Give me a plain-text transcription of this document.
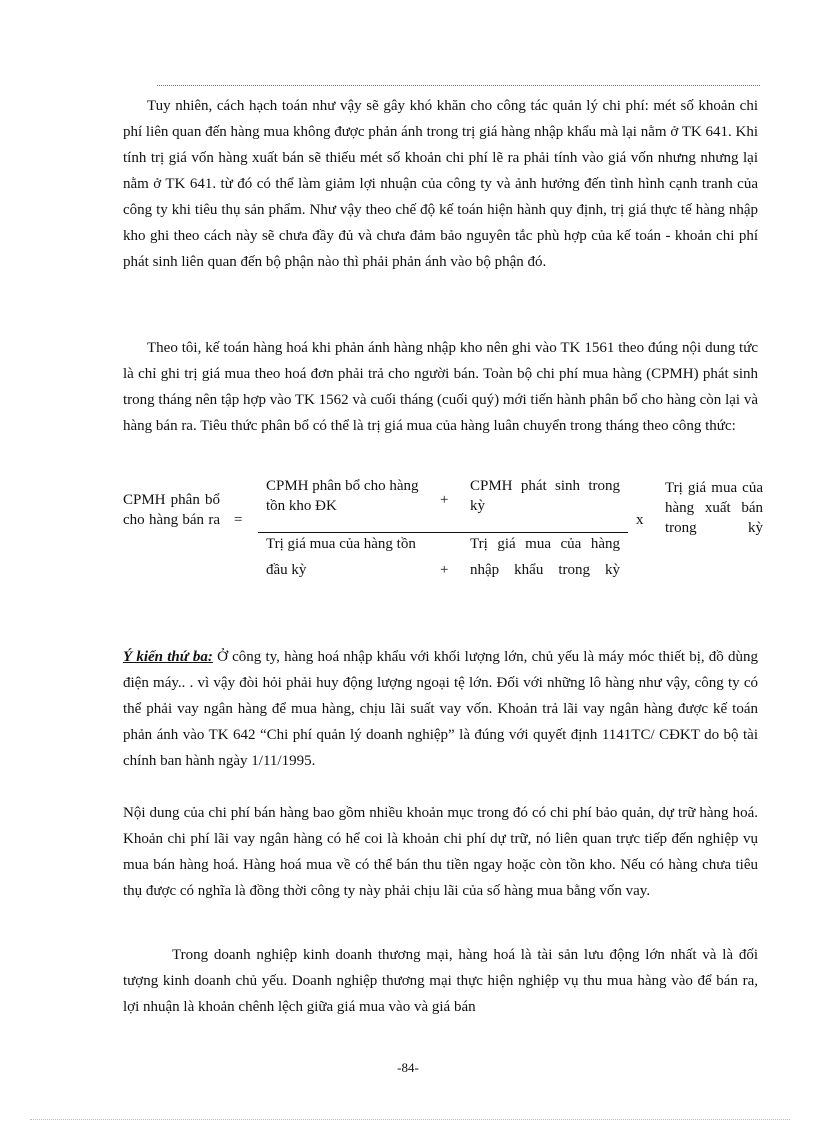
Tuy nhiên, cách hạch toán như vậy sẽ gây khó khăn cho công tác quản lý chi phí: mét số khoản chi phí liên quan đến hàng mua không được phản ánh trong trị giá hàng nhập khẩu mà lại nằm ở TK 641. Khi tính trị giá vốn hàng xuất bán sẽ thiếu mét số khoản chi phí lẽ ra phải tính vào giá vốn nhưng nhưng lại nằm ở TK 641. từ đó có thể làm giảm lợi nhuận của công ty và ảnh hưởng đến tình hình cạnh tranh của công ty khi tiêu thụ sản phẩm. Như vậy theo chế độ kế toán hiện hành quy định, trị giá thực tế hàng nhập kho ghi theo cách này sẽ chưa đầy đủ và chưa đảm bảo nguyên tắc phù hợp của kế toán - khoản chi phí phát sinh liên quan đến bộ phận nào thì phải phản ánh vào bộ phận đó.

Theo tôi, kế toán hàng hoá khi phản ánh hàng nhập kho nên ghi vào TK 1561 theo đúng nội dung tức là chỉ ghi trị giá mua theo hoá đơn phải trả cho người bán. Toàn bộ chi phí mua hàng (CPMH) phát sinh trong tháng nên tập hợp vào TK 1562 và cuối tháng (cuối quý) mới tiến hành phân bổ cho hàng còn lại và hàng bán ra. Tiêu thức phân bổ có thể là trị giá mua của hàng luân chuyển trong tháng theo công thức:

CPMH phân bổ cho hàng bán ra =

CPMH phân bổ cho hàng tồn kho ĐK	+

CPMH phát sinh trong kỳ

Trị giá mua của hàng tồn đầu kỳ	+

Trị giá mua của hàng nhập khẩu trong kỳ

x

Trị giá mua của hàng xuất bán trong kỳ

Ý kiến thứ ba: Ở công ty, hàng hoá nhập khẩu với khối lượng lớn, chủ yếu là máy móc thiết bị, đồ dùng điện máy.. . vì vậy đòi hỏi phải huy động lượng ngoại tệ lớn. Đối với những lô hàng như vậy, công ty có thể phải vay ngân hàng để mua hàng, chịu lãi suất vay vốn. Khoản trả lãi vay ngân hàng được kế toán phản ánh vào TK 642 “Chi phí quản lý doanh nghiệp” là đúng với quyết định 1141TC/ CĐKT do bộ tài chính ban hành ngày 1/11/1995.

Nội dung của chi phí bán hàng bao gồm nhiều khoản mục trong đó có chi phí bảo quản, dự trữ hàng hoá. Khoản chi phí lãi vay ngân hàng có hể coi là khoản chi phí dự trữ, nó liên quan trực tiếp đến nghiệp vụ mua bán hàng hoá. Hàng hoá mua về có thể bán thu tiền ngay hoặc còn tồn kho. Nếu có hàng chưa tiêu thụ được có nghĩa là đồng thời công ty này phải chịu lãi của số hàng mua bằng vốn vay.

Trong doanh nghiệp kinh doanh thương mại, hàng hoá là tài sản lưu động lớn nhất và là đối tượng kinh doanh chủ yếu. Doanh nghiệp thương mại thực hiện nghiệp vụ thu mua hàng vào để bán ra, lợi nhuận là khoản chênh lệch giữa giá mua vào và giá bán

-84-
